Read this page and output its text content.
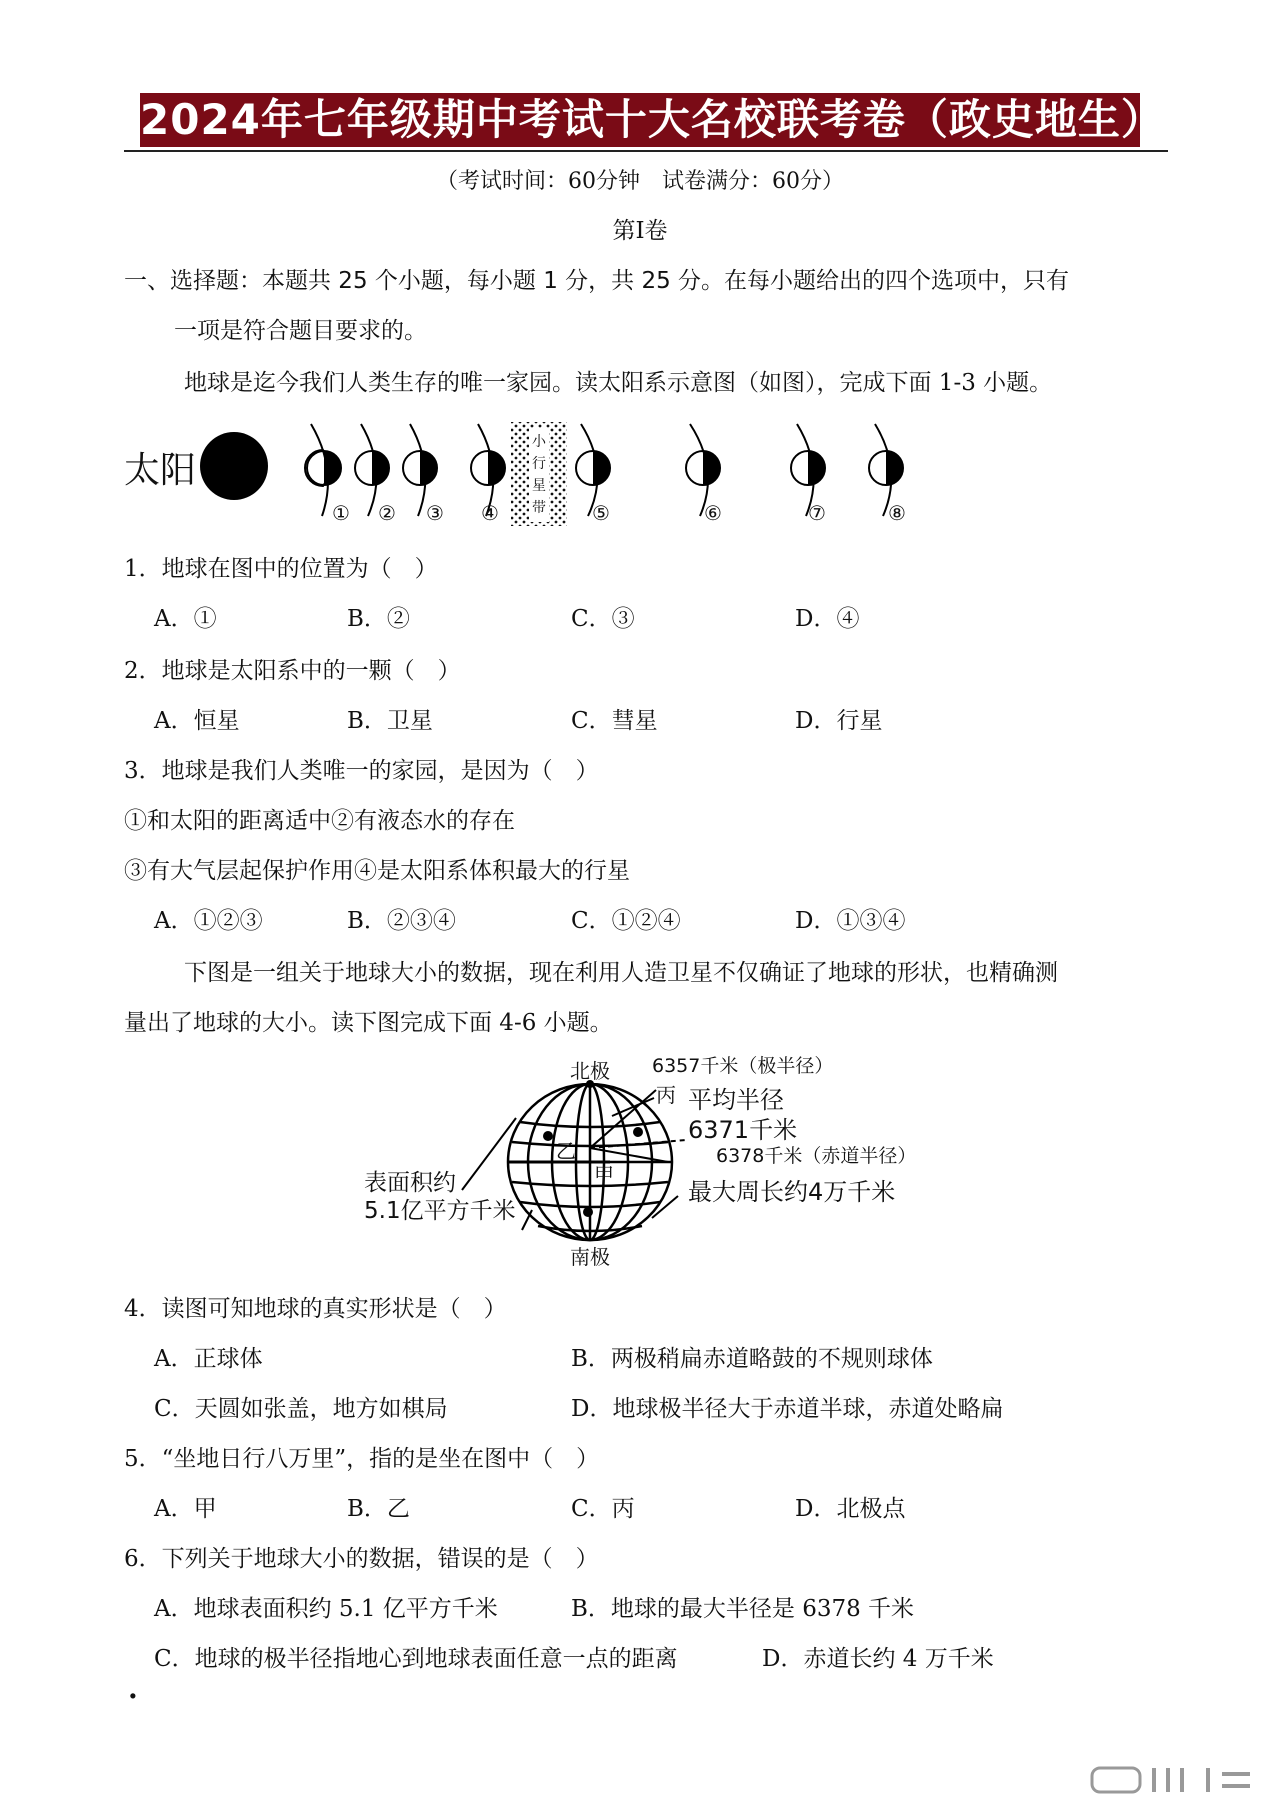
2024年七年级期中考试十大名校联考卷（政史地生）
（考试时间：60分钟　试卷满分：60分）
第Ⅰ卷
一、选择题：本题共 25 个小题，每小题 1 分，共 25 分。在每小题给出的四个选项中，只有
一项是符合题目要求的。
地球是迄今我们人类生存的唯一家园。读太阳系示意图（如图），完成下面 1-3 小题。
太阳
小
行
星
带
① ② ③ ④	⑤	⑥	⑦	⑧
1．地球在图中的位置为（　）
A．①	B．②	C．③	D．④
2．地球是太阳系中的一颗（　）
A．恒星	B．卫星	C．彗星	D．行星
3．地球是我们人类唯一的家园，是因为（　）
①和太阳的距离适中②有液态水的存在
③有大气层起保护作用④是太阳系体积最大的行星
A．①②③	B．②③④	C．①②④	D．①③④
下图是一组关于地球大小的数据，现在利用人造卫星不仅确证了地球的形状，也精确测
量出了地球的大小。读下图完成下面 4-6 小题。
北极
南极
6357千米（极半径）
丙
乙
甲
平均半径
6371千米
6378千米（赤道半径）
最大周长约4万千米
表面积约
5.1亿平方千米
4．读图可知地球的真实形状是（　）
A．正球体	B．两极稍扁赤道略鼓的不规则球体
C．天圆如张盖，地方如棋局	D．地球极半径大于赤道半球，赤道处略扁
5．“坐地日行八万里”，指的是坐在图中（　）
A．甲	B．乙	C．丙	D．北极点
6．下列关于地球大小的数据，错误的是（　）
A．地球表面积约 5.1 亿平方千米	B．地球的最大半径是 6378 千米
C．地球的极半径指地心到地球表面任意一点的距离	D．赤道长约 4 万千米
.
